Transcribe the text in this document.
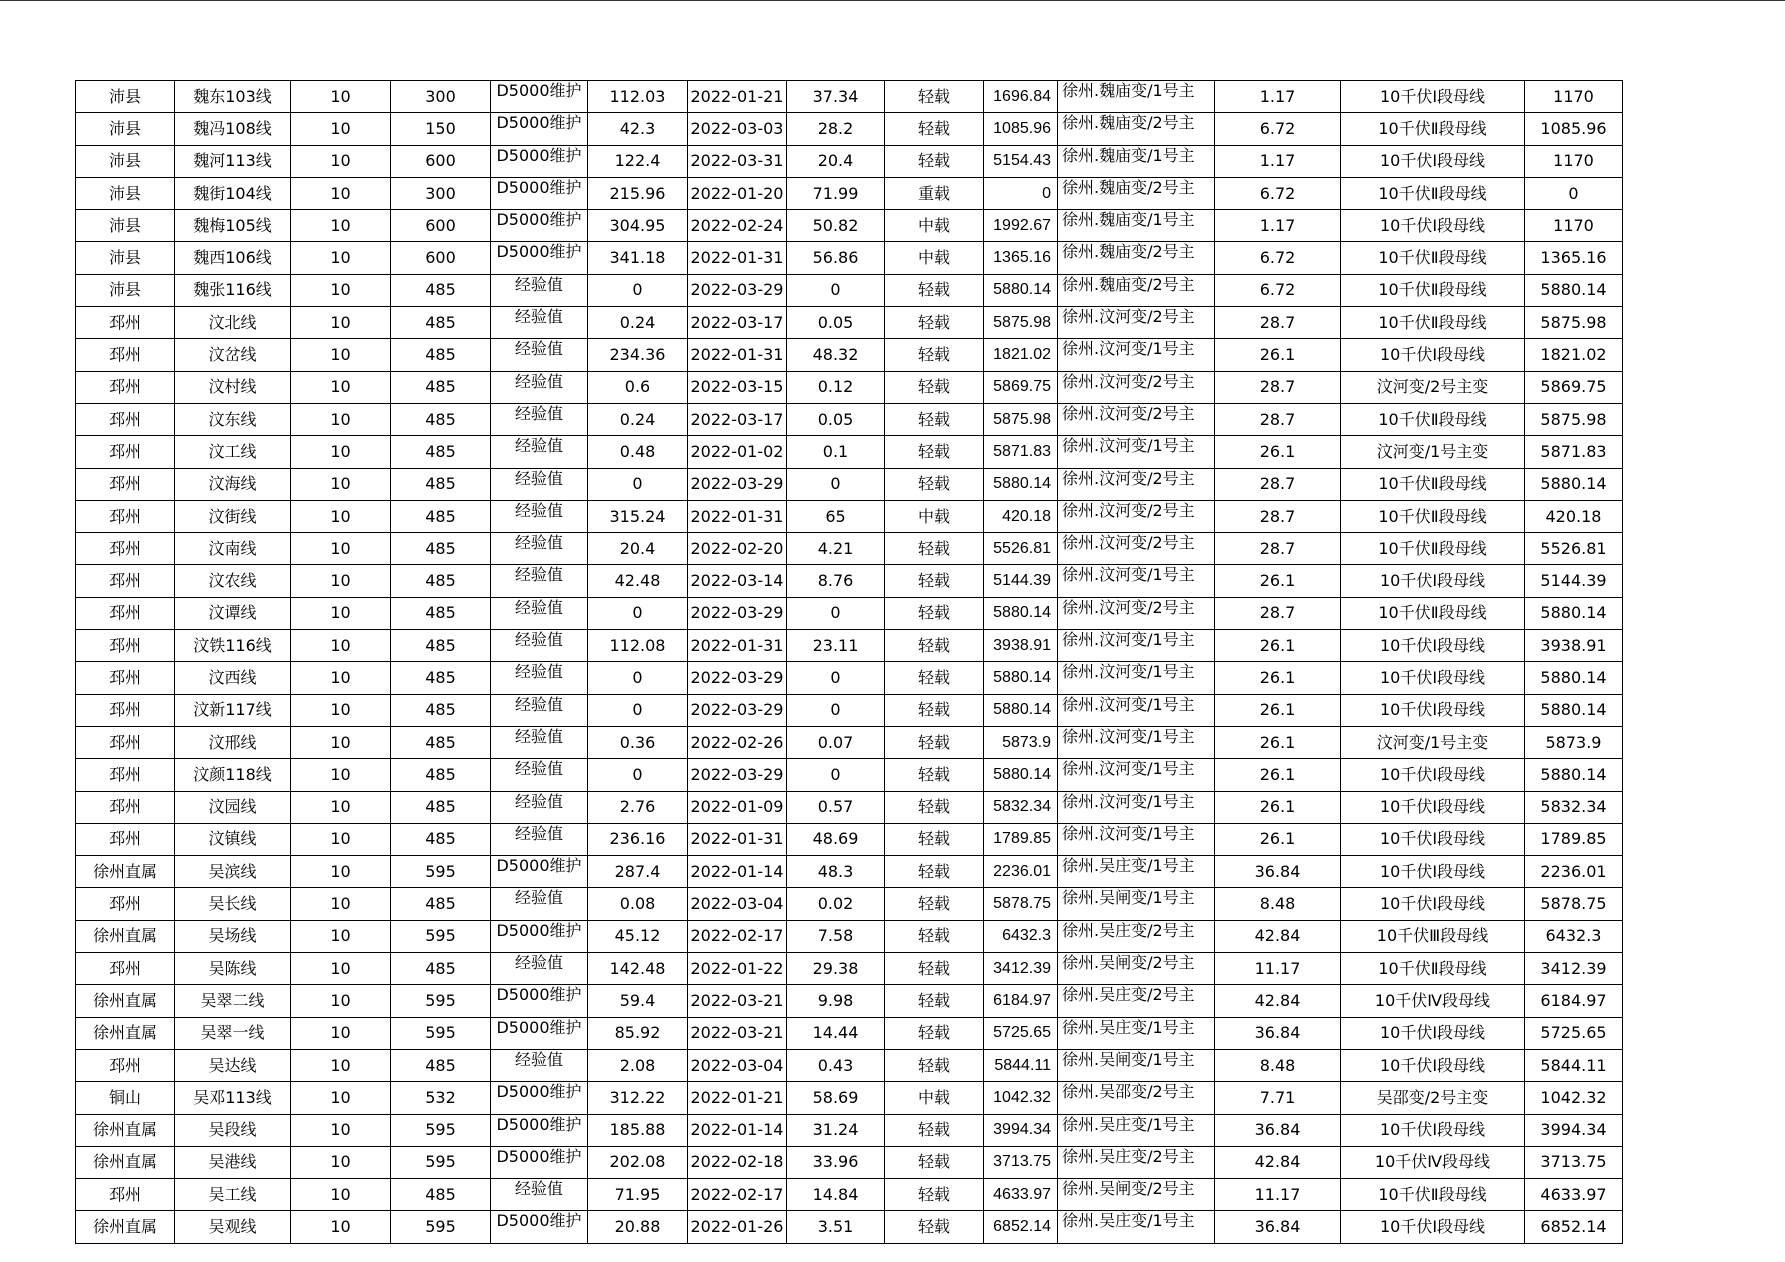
沛县	魏东103线	10	300	D5000维护	112.03	2022-01-21	37.34	轻载	1696.84	徐州.魏庙变/1号主	1.17	10千伏Ⅰ段母线	1170
沛县	魏冯108线	10	150	D5000维护	42.3	2022-03-03	28.2	轻载	1085.96	徐州.魏庙变/2号主	6.72	10千伏Ⅱ段母线	1085.96
沛县	魏河113线	10	600	D5000维护	122.4	2022-03-31	20.4	轻载	5154.43	徐州.魏庙变/1号主	1.17	10千伏Ⅰ段母线	1170
沛县	魏街104线	10	300	D5000维护	215.96	2022-01-20	71.99	重载	0	徐州.魏庙变/2号主	6.72	10千伏Ⅱ段母线	0
沛县	魏梅105线	10	600	D5000维护	304.95	2022-02-24	50.82	中载	1992.67	徐州.魏庙变/1号主	1.17	10千伏Ⅰ段母线	1170
沛县	魏西106线	10	600	D5000维护	341.18	2022-01-31	56.86	中载	1365.16	徐州.魏庙变/2号主	6.72	10千伏Ⅱ段母线	1365.16
沛县	魏张116线	10	485	经验值	0	2022-03-29	0	轻载	5880.14	徐州.魏庙变/2号主	6.72	10千伏Ⅱ段母线	5880.14
邳州	汶北线	10	485	经验值	0.24	2022-03-17	0.05	轻载	5875.98	徐州.汶河变/2号主	28.7	10千伏Ⅱ段母线	5875.98
邳州	汶岔线	10	485	经验值	234.36	2022-01-31	48.32	轻载	1821.02	徐州.汶河变/1号主	26.1	10千伏Ⅰ段母线	1821.02
邳州	汶村线	10	485	经验值	0.6	2022-03-15	0.12	轻载	5869.75	徐州.汶河变/2号主	28.7	汶河变/2号主变	5869.75
邳州	汶东线	10	485	经验值	0.24	2022-03-17	0.05	轻载	5875.98	徐州.汶河变/2号主	28.7	10千伏Ⅱ段母线	5875.98
邳州	汶工线	10	485	经验值	0.48	2022-01-02	0.1	轻载	5871.83	徐州.汶河变/1号主	26.1	汶河变/1号主变	5871.83
邳州	汶海线	10	485	经验值	0	2022-03-29	0	轻载	5880.14	徐州.汶河变/2号主	28.7	10千伏Ⅱ段母线	5880.14
邳州	汶街线	10	485	经验值	315.24	2022-01-31	65	中载	420.18	徐州.汶河变/2号主	28.7	10千伏Ⅱ段母线	420.18
邳州	汶南线	10	485	经验值	20.4	2022-02-20	4.21	轻载	5526.81	徐州.汶河变/2号主	28.7	10千伏Ⅱ段母线	5526.81
邳州	汶农线	10	485	经验值	42.48	2022-03-14	8.76	轻载	5144.39	徐州.汶河变/1号主	26.1	10千伏Ⅰ段母线	5144.39
邳州	汶谭线	10	485	经验值	0	2022-03-29	0	轻载	5880.14	徐州.汶河变/2号主	28.7	10千伏Ⅱ段母线	5880.14
邳州	汶铁116线	10	485	经验值	112.08	2022-01-31	23.11	轻载	3938.91	徐州.汶河变/1号主	26.1	10千伏Ⅰ段母线	3938.91
邳州	汶西线	10	485	经验值	0	2022-03-29	0	轻载	5880.14	徐州.汶河变/1号主	26.1	10千伏Ⅰ段母线	5880.14
邳州	汶新117线	10	485	经验值	0	2022-03-29	0	轻载	5880.14	徐州.汶河变/1号主	26.1	10千伏Ⅰ段母线	5880.14
邳州	汶邢线	10	485	经验值	0.36	2022-02-26	0.07	轻载	5873.9	徐州.汶河变/1号主	26.1	汶河变/1号主变	5873.9
邳州	汶颜118线	10	485	经验值	0	2022-03-29	0	轻载	5880.14	徐州.汶河变/1号主	26.1	10千伏Ⅰ段母线	5880.14
邳州	汶园线	10	485	经验值	2.76	2022-01-09	0.57	轻载	5832.34	徐州.汶河变/1号主	26.1	10千伏Ⅰ段母线	5832.34
邳州	汶镇线	10	485	经验值	236.16	2022-01-31	48.69	轻载	1789.85	徐州.汶河变/1号主	26.1	10千伏Ⅰ段母线	1789.85
徐州直属	吴滨线	10	595	D5000维护	287.4	2022-01-14	48.3	轻载	2236.01	徐州.吴庄变/1号主	36.84	10千伏Ⅰ段母线	2236.01
邳州	吴长线	10	485	经验值	0.08	2022-03-04	0.02	轻载	5878.75	徐州.吴闸变/1号主	8.48	10千伏Ⅰ段母线	5878.75
徐州直属	吴场线	10	595	D5000维护	45.12	2022-02-17	7.58	轻载	6432.3	徐州.吴庄变/2号主	42.84	10千伏Ⅲ段母线	6432.3
邳州	吴陈线	10	485	经验值	142.48	2022-01-22	29.38	轻载	3412.39	徐州.吴闸变/2号主	11.17	10千伏Ⅱ段母线	3412.39
徐州直属	吴翠二线	10	595	D5000维护	59.4	2022-03-21	9.98	轻载	6184.97	徐州.吴庄变/2号主	42.84	10千伏Ⅳ段母线	6184.97
徐州直属	吴翠一线	10	595	D5000维护	85.92	2022-03-21	14.44	轻载	5725.65	徐州.吴庄变/1号主	36.84	10千伏Ⅰ段母线	5725.65
邳州	吴达线	10	485	经验值	2.08	2022-03-04	0.43	轻载	5844.11	徐州.吴闸变/1号主	8.48	10千伏Ⅰ段母线	5844.11
铜山	吴邓113线	10	532	D5000维护	312.22	2022-01-21	58.69	中载	1042.32	徐州.吴邵变/2号主	7.71	吴邵变/2号主变	1042.32
徐州直属	吴段线	10	595	D5000维护	185.88	2022-01-14	31.24	轻载	3994.34	徐州.吴庄变/1号主	36.84	10千伏Ⅰ段母线	3994.34
徐州直属	吴港线	10	595	D5000维护	202.08	2022-02-18	33.96	轻载	3713.75	徐州.吴庄变/2号主	42.84	10千伏Ⅳ段母线	3713.75
邳州	吴工线	10	485	经验值	71.95	2022-02-17	14.84	轻载	4633.97	徐州.吴闸变/2号主	11.17	10千伏Ⅱ段母线	4633.97
徐州直属	吴观线	10	595	D5000维护	20.88	2022-01-26	3.51	轻载	6852.14	徐州.吴庄变/1号主	36.84	10千伏Ⅰ段母线	6852.14
